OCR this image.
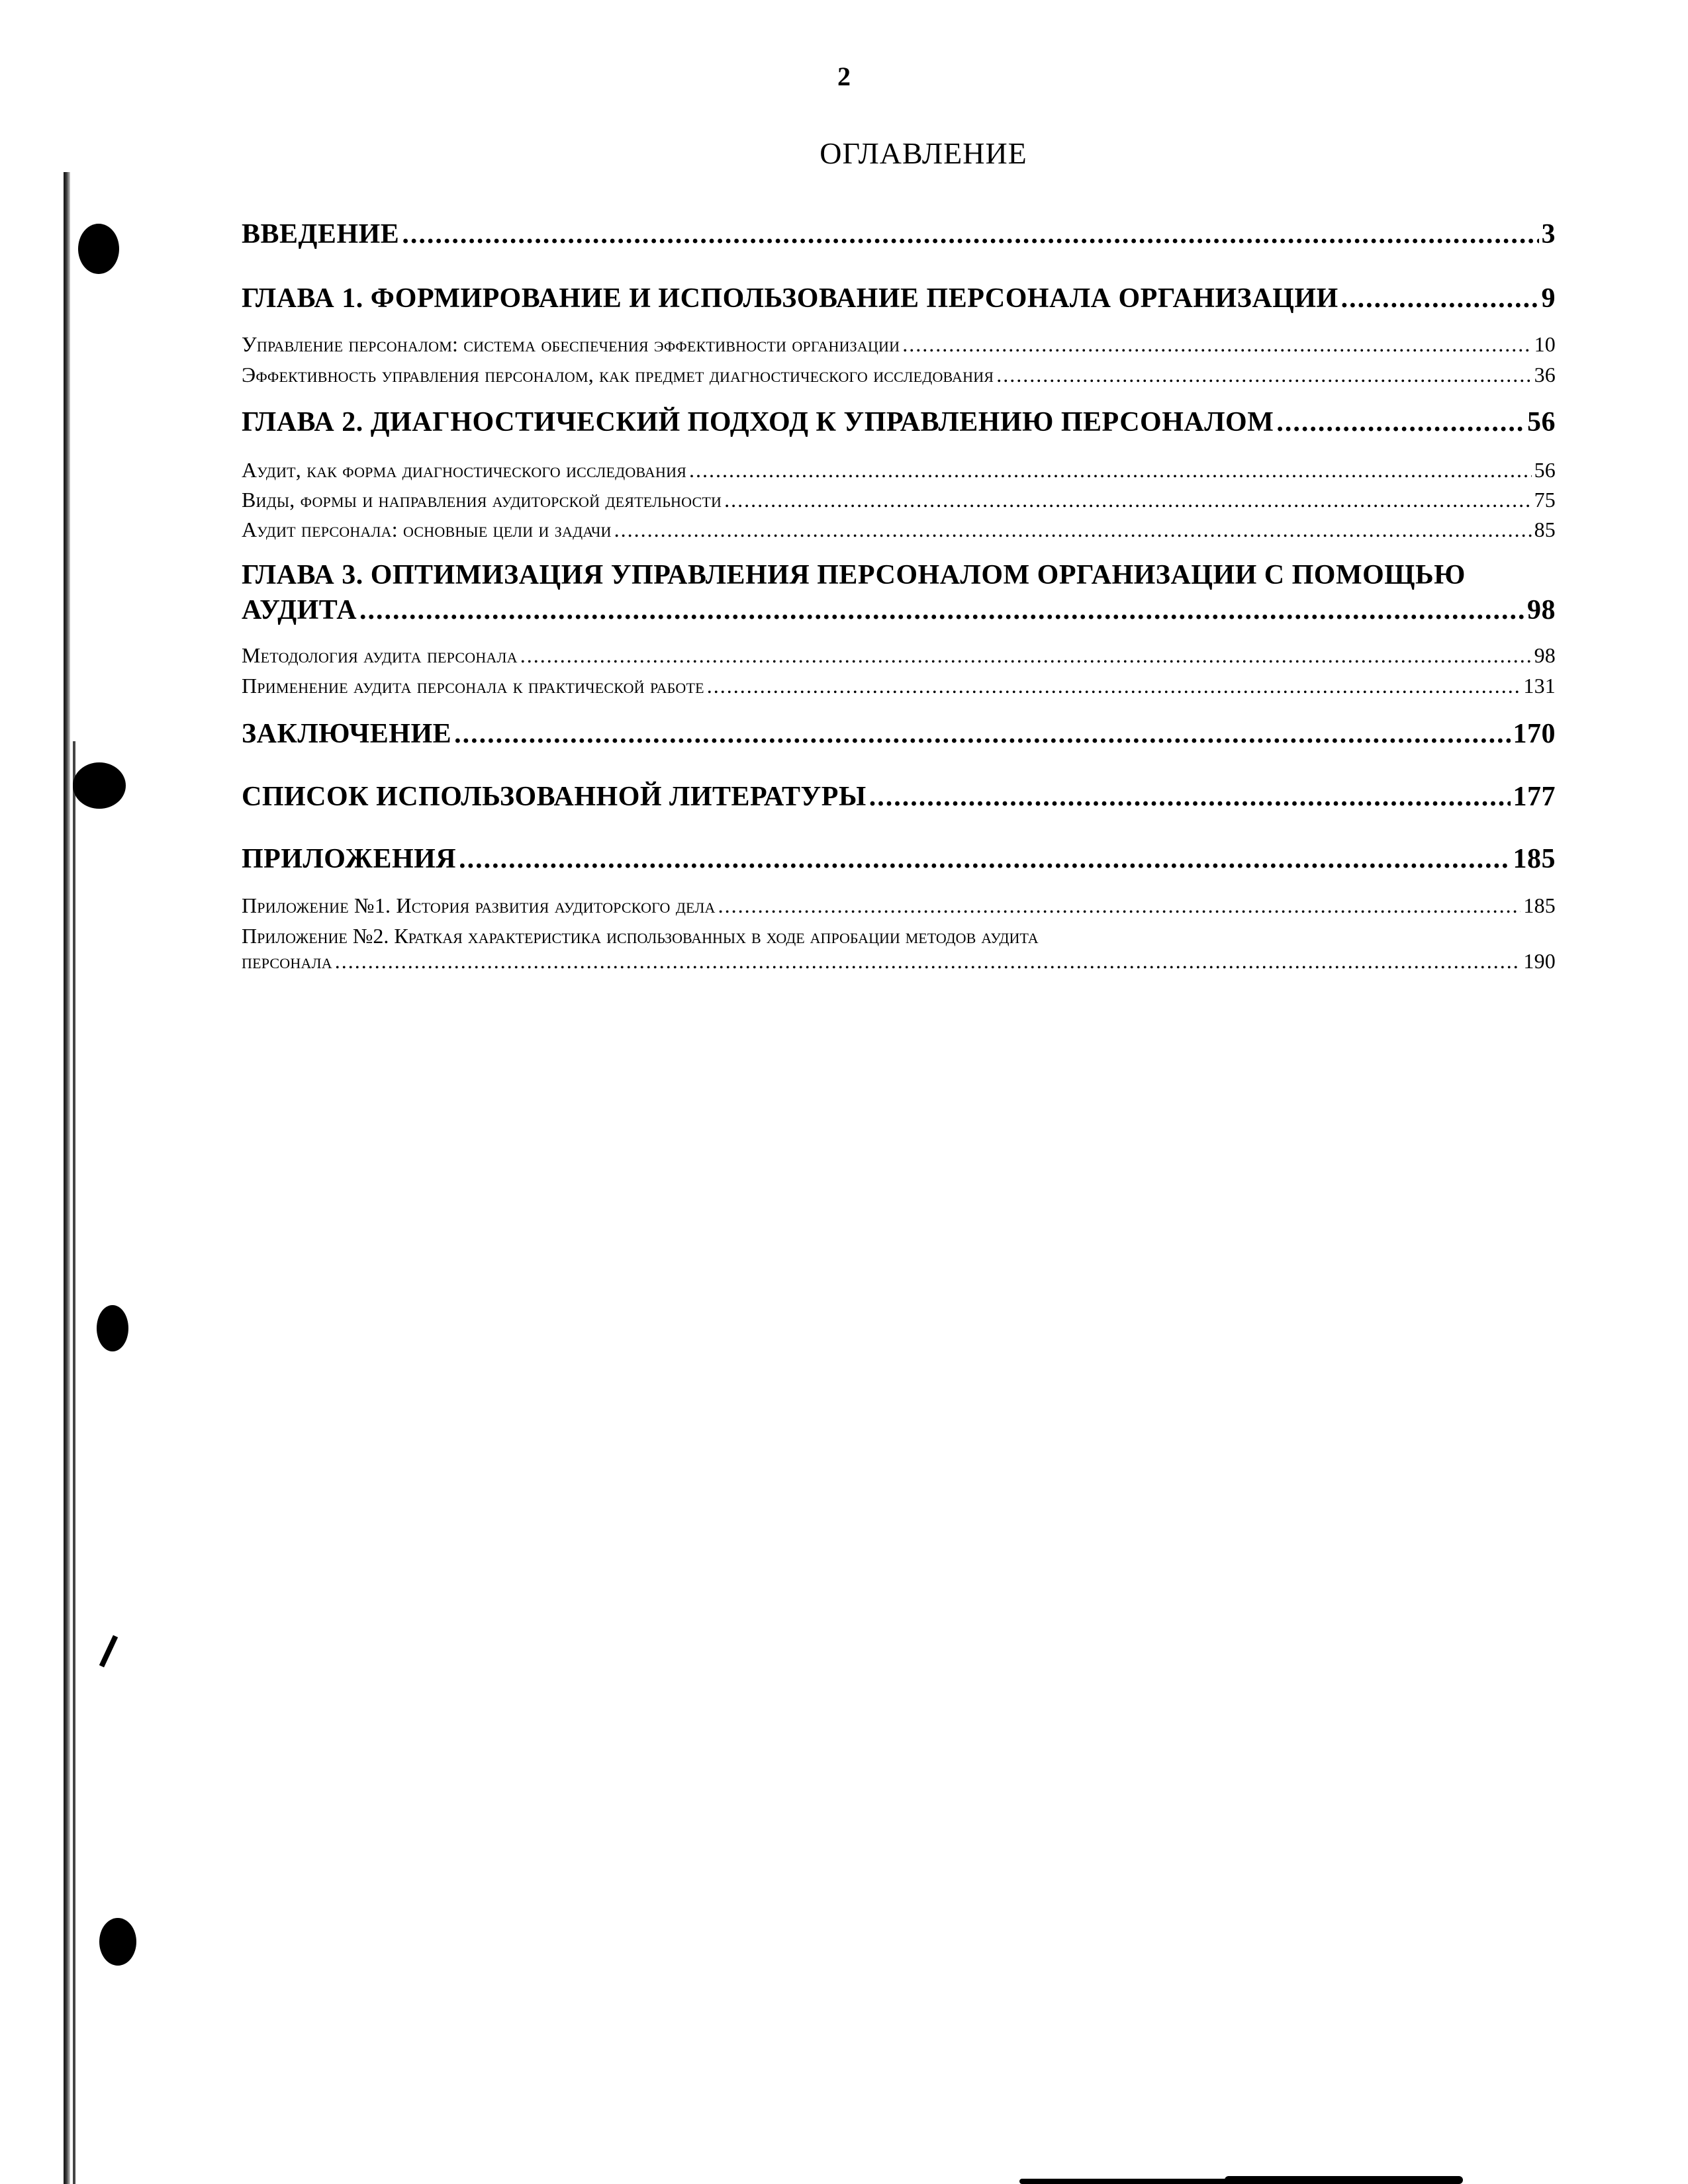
2
ОГЛАВЛЕНИЕ
ВВЕДЕНИЕ .....	3
ГЛАВА 1. ФОРМИРОВАНИЕ И ИСПОЛЬЗОВАНИЕ ПЕРСОНАЛА ОРГАНИЗАЦИИ .....	9
Управление персоналом: система обеспечения эффективности организации .....	10
Эффективность управления персоналом, как предмет диагностического исследования .....	36
ГЛАВА 2. ДИАГНОСТИЧЕСКИЙ ПОДХОД К УПРАВЛЕНИЮ ПЕРСОНАЛОМ .....	56
Аудит, как форма диагностического исследования .....	56
Виды, формы и направления аудиторской деятельности .....	75
Аудит персонала: основные цели и задачи .....	85
ГЛАВА 3. ОПТИМИЗАЦИЯ УПРАВЛЕНИЯ ПЕРСОНАЛОМ ОРГАНИЗАЦИИ С ПОМОЩЬЮ
АУДИТА .....	98
Методология аудита персонала .....	98
Применение аудита персонала к практической работе .....	131
ЗАКЛЮЧЕНИЕ .....	170
СПИСОК ИСПОЛЬЗОВАННОЙ ЛИТЕРАТУРЫ .....	177
ПРИЛОЖЕНИЯ .....	185
Приложение №1. История развития аудиторского дела .....	185
Приложение №2. Краткая характеристика использованных в ходе апробации методов аудита
персонала .....	190
